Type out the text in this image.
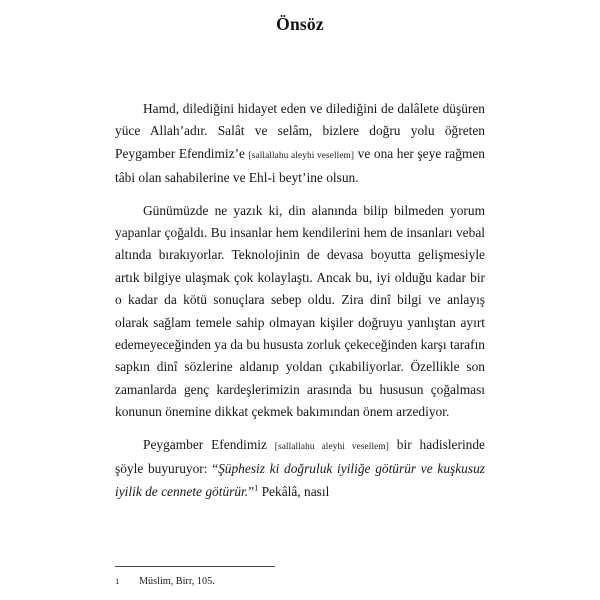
Önsöz

Hamd, dilediğini hidayet eden ve dilediğini de dalâlete düşüren yüce Allah’adır. Salât ve selâm, bizlere doğru yolu öğreten Peygamber Efendimiz’e [sallallahu aleyhi vesellem] ve ona her şeye rağmen tâbi olan sahabilerine ve Ehl-i beyt’ine olsun.

Günümüzde ne yazık ki, din alanında bilip bilmeden yorum yapanlar çoğaldı. Bu insanlar hem kendilerini hem de insanları vebal altında bırakıyorlar. Teknolojinin de devasa boyutta gelişmesiyle artık bilgiye ulaşmak çok kolaylaştı. Ancak bu, iyi olduğu kadar bir o kadar da kötü sonuçlara sebep oldu. Zira dinî bilgi ve anlayış olarak sağlam temele sahip olmayan kişiler doğruyu yanlıştan ayırt edemeyeceğinden ya da bu hususta zorluk çekeceğinden karşı tarafın sapkın dinî sözlerine aldanıp yoldan çıkabiliyorlar. Özellikle son zamanlarda genç kardeşlerimizin arasında bu hususun çoğalması konunun önemine dikkat çekmek bakımından önem arzediyor.

Peygamber Efendimiz [sallallahu aleyhi vesellem] bir hadislerinde şöyle buyuruyor: “Şüphesiz ki doğruluk iyiliğe götürür ve kuşkusuz iyilik de cennete götürür.”$^1$ Pekâlâ, nasıl

1	Müslim, Birr, 105.
